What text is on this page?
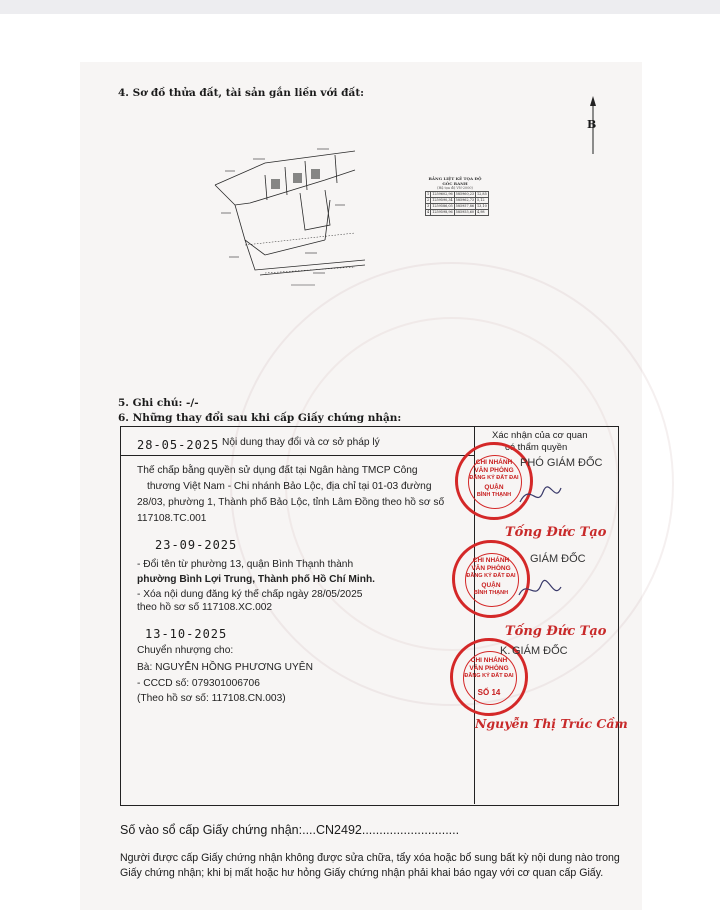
4. Sơ đồ thửa đất, tài sản gắn liền với đất:
B
BẢNG LIỆT KÊ TỌA ĐỘ GÓC RANH
(Hệ tọa độ VN-2000)
1	1259602,96	585960,23	12,85
2	1259590,34	585962,73	5,12
3	1259586,05	585957,86	13,10
4	1259598,96	585955,60	4,98
5. Ghi chú: -/-
6. Những thay đổi sau khi cấp Giấy chứng nhận:
Nội dung thay đổi và cơ sở pháp lý
Xác nhận của cơ quan
có thẩm quyền
28-05-2025
Thế chấp bằng quyền sử dụng đất tại Ngân hàng TMCP Công
thương Việt Nam - Chi nhánh Bảo Lộc, địa chỉ tại 01-03 đường
28/03, phường 1, Thành phố Bảo Lộc, tỉnh Lâm Đồng theo hồ sơ số
117108.TC.001
23-09-2025
- Đổi tên từ phường 13, quận Bình Thạnh thành
phường Bình Lợi Trung, Thành phố Hồ Chí Minh.
- Xóa nội dung đăng ký thế chấp ngày 28/05/2025
theo hồ sơ số 117108.XC.002
13-10-2025
Chuyển nhượng cho:
Bà: NGUYỄN HỒNG PHƯƠNG UYÊN
- CCCD số: 079301006706
(Theo hồ sơ số: 117108.CN.003)
CHI NHÁNH
VĂN PHÒNG
ĐĂNG KÝ ĐẤT ĐAI
QUẬN
BÌNH THẠNH
PHÓ GIÁM ĐỐC
Tống Đức Tạo
CHI NHÁNH
VĂN PHÒNG
ĐĂNG KÝ ĐẤT ĐAI
QUẬN
BÌNH THẠNH
GIÁM ĐỐC
Tống Đức Tạo
CHI NHÁNH
VĂN PHÒNG
ĐĂNG KÝ ĐẤT ĐAI
SỐ 14
K. GIÁM ĐỐC
Nguyễn Thị Trúc Cầm
Số vào sổ cấp Giấy chứng nhận:....CN2492............................
Người được cấp Giấy chứng nhận không được sửa chữa, tẩy xóa hoặc bổ sung bất kỳ nội dung nào trong
Giấy chứng nhận; khi bị mất hoặc hư hỏng Giấy chứng nhận phải khai báo ngay với cơ quan cấp Giấy.
